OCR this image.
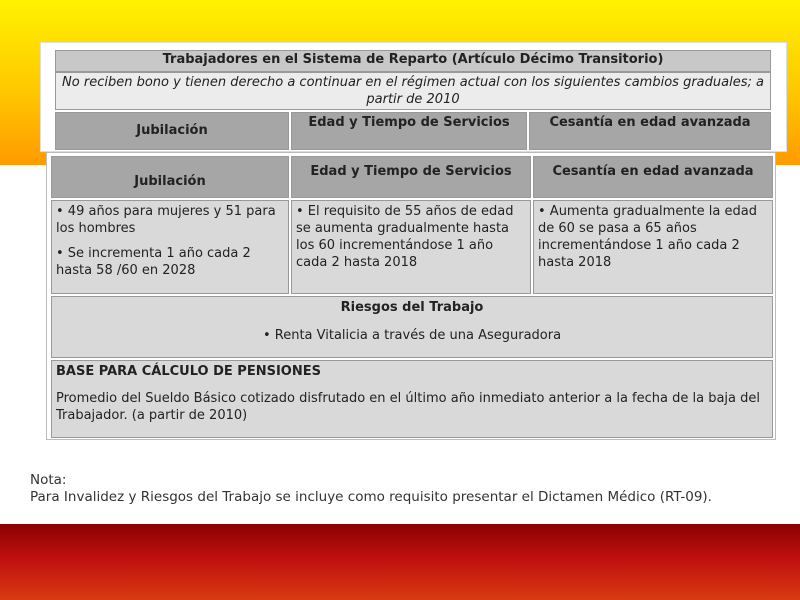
Jubilación
Edad y Tiempo de Servicios	Cesantía en edad avanzada
• 49 años para mujeres y 51 para los hombres
• Se incrementa 1 año cada 2 hasta 58 /60 en 2028
• El requisito de 55 años de edad se aumenta gradualmente hasta los 60 incrementándose 1 año cada 2 hasta 2018
• Aumenta gradualmente la edad de 60 se pasa a 65 años incrementándose 1 año cada 2 hasta 2018
Riesgos del Trabajo
• Renta Vitalicia a través de una Aseguradora
BASE PARA CÁLCULO DE PENSIONES
Promedio del Sueldo Básico cotizado disfrutado en el último año inmediato anterior a la fecha de la baja del Trabajador. (a partir de 2010)
Trabajadores en el Sistema de Reparto (Artículo Décimo Transitorio)
No reciben bono y tienen derecho a continuar en el régimen actual con los siguientes cambios graduales; a partir de 2010
Jubilación
Edad y Tiempo de Servicios	Cesantía en edad avanzada
Nota:
Para Invalidez y Riesgos del Trabajo se incluye como requisito presentar el Dictamen Médico (RT-09).
